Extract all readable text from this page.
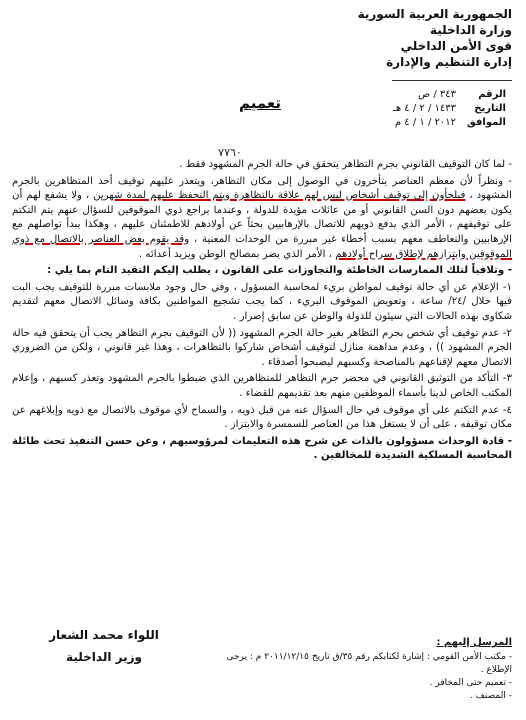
الجمهورية العربية السورية
وزارة الداخلية
قوى الأمن الداخلي
إدارة التنظيم والإدارة
الرقم
٣٤٣ / ص
التاريخ
١٤٣٣ / ٢ / ٤ هـ
الموافق
٢٠١٢ / ١ / ٤ م
تعميم
٧٧٦٠

- لما كان التوقيف القانوني بجرم التظاهر يتحقق في حالة الجرم المشهود فقط .

- ونظراً لأن معظم العناصر يتأخرون في الوصول إلى مكان التظاهر، ويتعذر عليهم توقيف أحد المتظاهرين بالجرم المشهود ، فيلجأون إلى توقيف أشخاص ليس لهم علاقة بالتظاهرة ويتم التحفظ عليهم لمدة شهرين ، ولا يشفع لهم أن يكون بعضهم دون السن القانوني أو من عائلات مؤيدة للدولة ، وعندما يراجع ذوي الموقوفين للسؤال عنهم يتم التكتم على توقيفهم ، الأمر الذي يدفع ذويهم للاتصال بالإرهابيين بحثاً عن أولادهم للاطمئنان عليهم ، وهكذا يبدأ تواصلهم مع الإرهابيين والتعاطف معهم بسبب أخطاء غير مبررة من الوحدات المعنية ، وقد يقوم بعض العناصر بالاتصال مع ذوي الموقوفين وابتزازهم لإطلاق سراح أولادهم ، الأمر الذي يضر بمصالح الوطن ويزيد أعدائه .

- وتلافياً لتلك الممارسات الخاطئة والتجاوزات على القانون ، يطلب إليكم التقيد التام بما يلي :

١- الإعلام عن أي حالة توقيف لمواطن بريء لمحاسبة المسؤول ، وفي حال وجود ملابسات مبررة للتوقيف يجب البت فيها خلال /٢٤/ ساعة ، وتعويض الموقوف البريء ، كما يجب تشجيع المواطنين بكافة وسائل الاتصال معهم لتقديم شكاوى بهذه الحالات التي سيئون للدولة والوطن عن سابق إصرار .

٢- عدم توقيف أي شخص بجرم التظاهر بغير حالة الجرم المشهود (( لأن التوقيف بجرم التظاهر يجب أن يتحقق فيه حالة الجرم المشهود )) ، وعدم مداهمة منازل لتوقيف أشخاص شاركوا بالتظاهرات ، وهذا غير قانوني ، ولكن من الضروري الاتصال معهم لإقناعهم بالمناصحة وكسبهم ليصبحوا أصدقاء .

٣- التأكد من التوثيق القانوني في محضر جرم التظاهر للمتظاهرين الذي ضبطوا بالجرم المشهود وتعذر كسبهم ، وإعلام المكتب الخاص لدينا بأسماء الموظفين منهم بعد تقديمهم للقضاء .

٤- عدم التكتم على أي موقوف في حال السؤال عنه من قبل ذويه ، والسماح لأي موقوف بالاتصال مع ذويه وإبلاغهم عن مكان توقيفه ، على أن لا يستغل هذا من العناصر للسمسرة والابتزاز .

- قادة الوحدات مسؤولون بالذات عن شرح هذه التعليمات لمرؤوسيهم ، وعن حسن التنفيذ تحت طائلة المحاسبة المسلكية الشديدة للمخالفين .

اللواء محمد الشعار
وزير الداخلية
المرسل إليهم :
- مكتب الأمن القومي : إشارة لكتابكم رقم ٣٥/ق تاريخ ٢٠١١/١٢/١٥ م : يرجى الإطلاع .
- تعميم حتى المخافر .
- المصنف .
